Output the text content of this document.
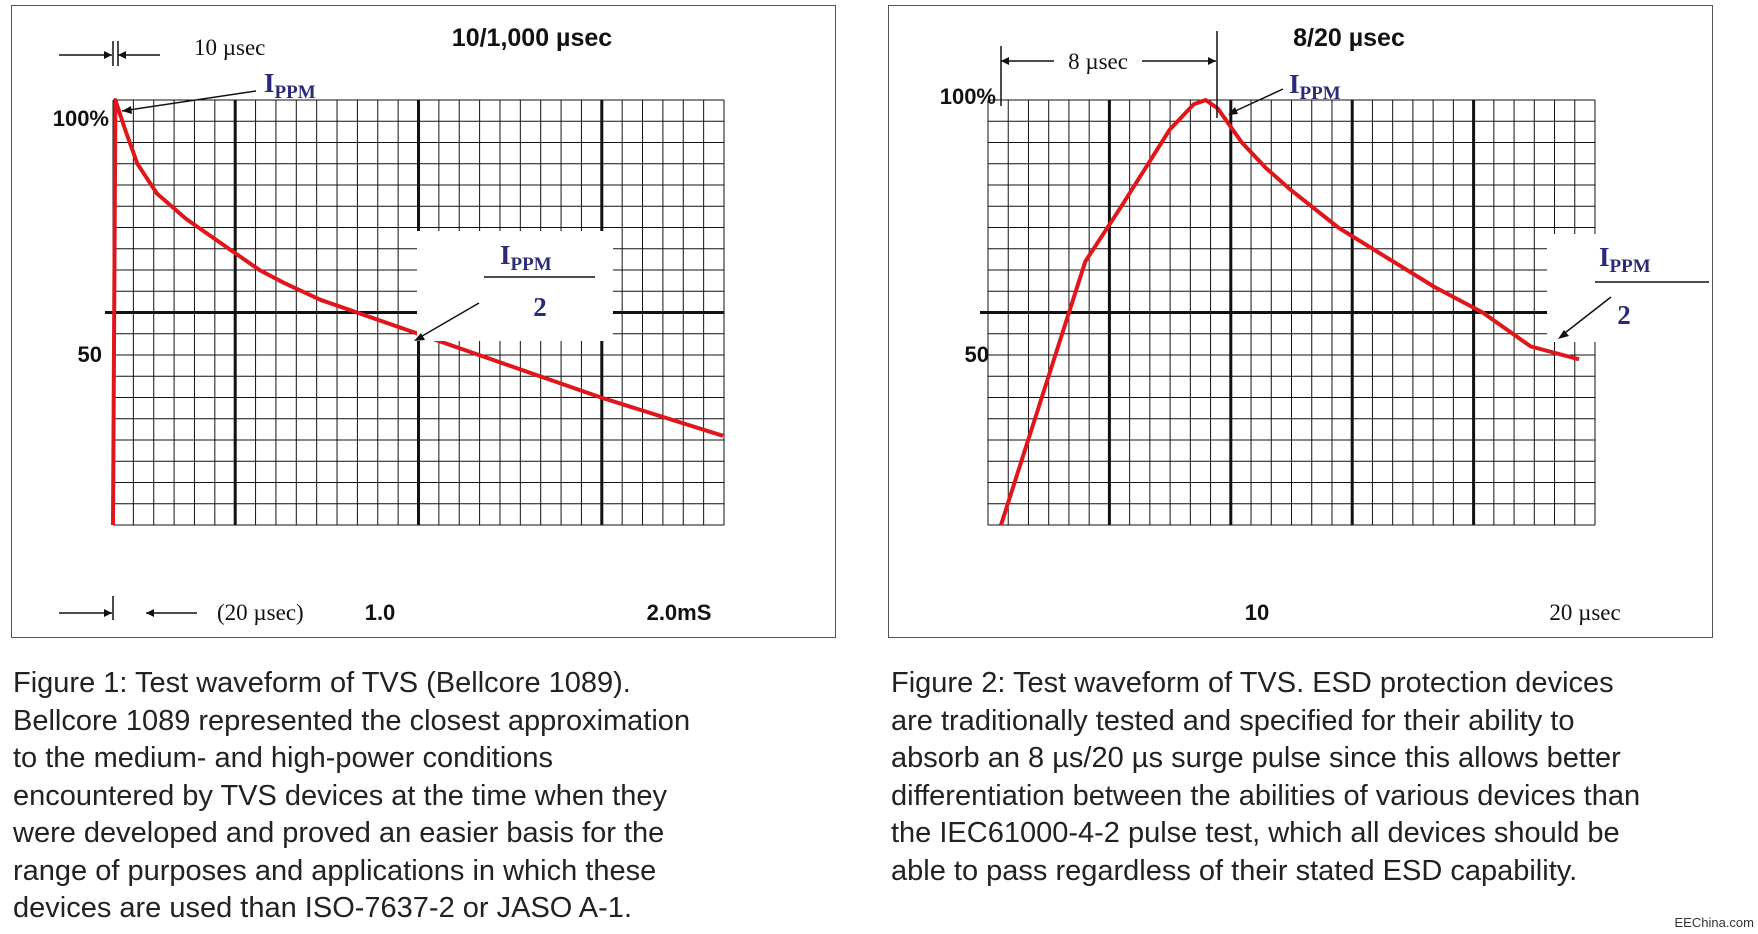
10/1,000 µsec
100%
50
1.0	2.0mS
10 µsec
$I_{PPM}$
$I_{PPM}$
2
(20 µsec)
8/20 µsec
100%
50
10	20 µsec
8 µsec
$I_{PPM}$
$I_{PPM}$
2
Figure 1: Test waveform of TVS (Bellcore 1089).
Bellcore 1089 represented the closest approximation
to the medium- and high-power conditions
encountered by TVS devices at the time when they
were developed and proved an easier basis for the
range of purposes and applications in which these
devices are used than ISO-7637-2 or JASO A-1.
Figure 2: Test waveform of TVS. ESD protection devices
are traditionally tested and specified for their ability to
absorb an 8 µs/20 µs surge pulse since this allows better
differentiation between the abilities of various devices than
the IEC61000-4-2 pulse test, which all devices should be
able to pass regardless of their stated ESD capability.
EEChina.com
